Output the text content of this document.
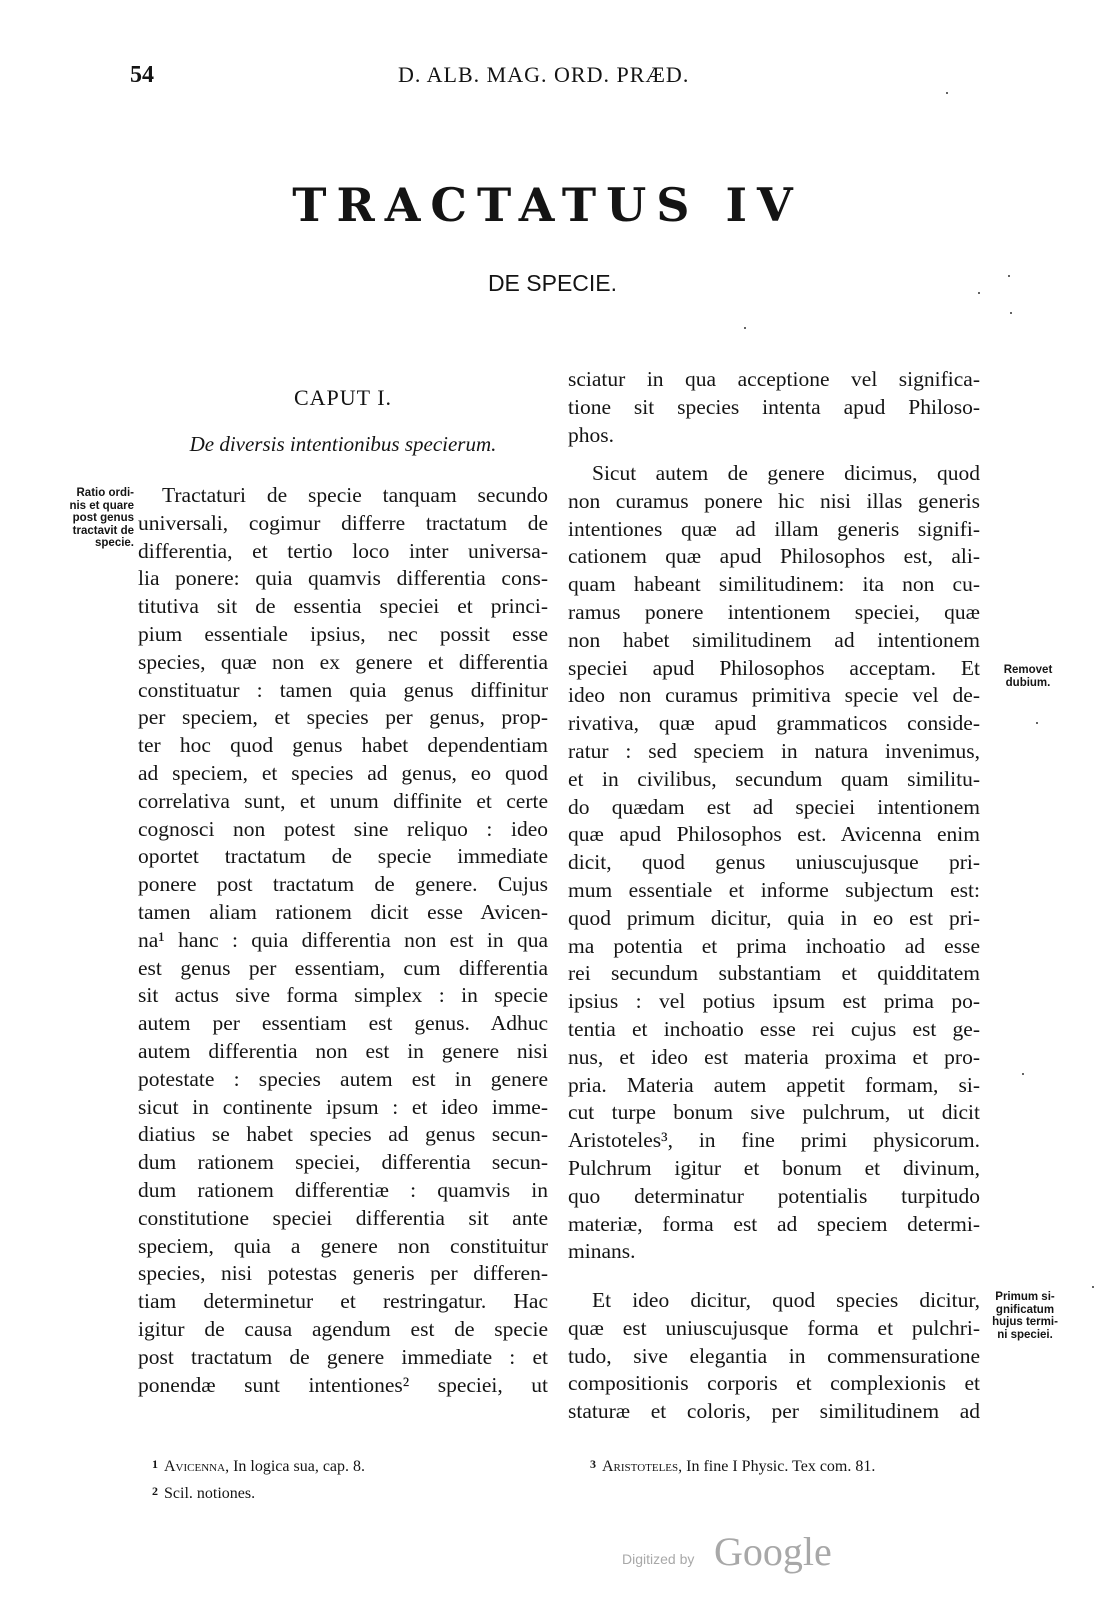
54	D. ALB. MAG. ORD. PRÆD.
TRACTATUS IV
DE SPECIE.
CAPUT I.
De diversis intentionibus specierum.
Ratio ordi-
nis et quare
post genus
tractavit de
specie.
Removet
dubium.
Primum si-
gnificatum
hujus termi-
ni speciei.
Tractaturi de specie tanquam secundo
universali, cogimur differre tractatum de
differentia, et tertio loco inter universa-
lia ponere: quia quamvis differentia cons-
titutiva sit de essentia speciei et princi-
pium essentiale ipsius, nec possit esse
species, quæ non ex genere et differentia
constituatur : tamen quia genus diffinitur
per speciem, et species per genus, prop-
ter hoc quod genus habet dependentiam
ad speciem, et species ad genus, eo quod
correlativa sunt, et unum diffinite et certe
cognosci non potest sine reliquo : ideo
oportet tractatum de specie immediate
ponere post tractatum de genere. Cujus
tamen aliam rationem dicit esse Avicen-
na¹ hanc : quia differentia non est in qua
est genus per essentiam, cum differentia
sit actus sive forma simplex : in specie
autem per essentiam est genus. Adhuc
autem differentia non est in genere nisi
potestate : species autem est in genere
sicut in continente ipsum : et ideo imme-
diatius se habet species ad genus secun-
dum rationem speciei, differentia secun-
dum rationem differentiæ : quamvis in
constitutione speciei differentia sit ante
speciem, quia a genere non constituitur
species, nisi potestas generis per differen-
tiam determinetur et restringatur. Hac
igitur de causa agendum est de specie
post tractatum de genere immediate : et
ponendæ sunt intentiones² speciei, ut
sciatur in qua acceptione vel significa-
tione sit species intenta apud Philoso-
phos.
Sicut autem de genere dicimus, quod
non curamus ponere hic nisi illas generis
intentiones quæ ad illam generis signifi-
cationem quæ apud Philosophos est, ali-
quam habeant similitudinem: ita non cu-
ramus ponere intentionem speciei, quæ
non habet similitudinem ad intentionem
speciei apud Philosophos acceptam. Et
ideo non curamus primitiva specie vel de-
rivativa, quæ apud grammaticos conside-
ratur : sed speciem in natura invenimus,
et in civilibus, secundum quam similitu-
do quædam est ad speciei intentionem
quæ apud Philosophos est. Avicenna enim
dicit, quod genus uniuscujusque pri-
mum essentiale et informe subjectum est:
quod primum dicitur, quia in eo est pri-
ma potentia et prima inchoatio ad esse
rei secundum substantiam et quidditatem
ipsius : vel potius ipsum est prima po-
tentia et inchoatio esse rei cujus est ge-
nus, et ideo est materia proxima et pro-
pria. Materia autem appetit formam, si-
cut turpe bonum sive pulchrum, ut dicit
Aristoteles³, in fine primi physicorum.
Pulchrum igitur et bonum et divinum,
quo determinatur potentialis turpitudo
materiæ, forma est ad speciem determi-
minans.
Et ideo dicitur, quod species dicitur,
quæ est uniuscujusque forma et pulchri-
tudo, sive elegantia in commensuratione
compositionis corporis et complexionis et
staturæ et coloris, per similitudinem ad
1 Avicenna, In logica sua, cap. 8.
2 Scil. notiones.
3 Aristoteles, In fine I Physic. Tex com. 81.
Digitized by Google
